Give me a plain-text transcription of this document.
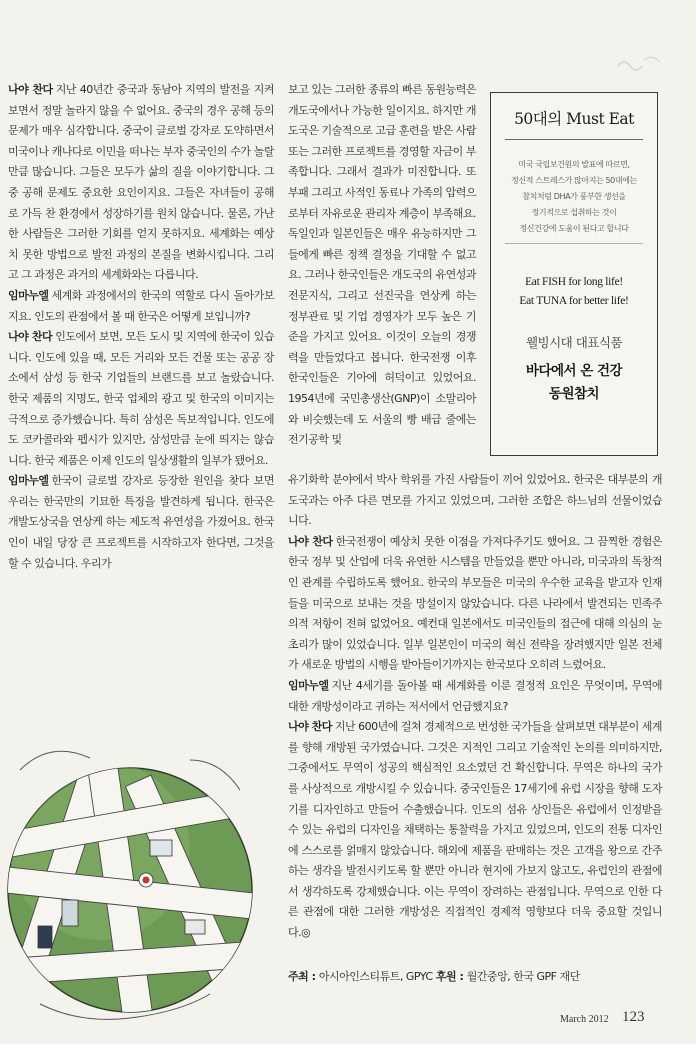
나야 찬다 지난 40년간 중국과 동남아 지역의 발전을 지켜보면서 정말 놀라지 않을 수 없어요. 중국의 경우 공해 등의 문제가 매우 심각합니다. 중국이 글로벌 강자로 도약하면서 미국이나 캐나다로 이민을 떠나는 부자 중국인의 수가 놀랄 만큼 많습니다. 그들은 모두가 삶의 질을 이야기합니다. 그중 공해 문제도 중요한 요인이지요. 그들은 자녀들이 공해로 가득 찬 환경에서 성장하기를 원치 않습니다. 물론, 가난한 사람들은 그러한 기회를 얻지 못하지요. 세계화는 예상치 못한 방법으로 발전 과정의 본질을 변화시킵니다. 그리고 그 과정은 과거의 세계화와는 다릅니다.
임마누엘 세계화 과정에서의 한국의 역할로 다시 돌아가보지요. 인도의 관점에서 볼 때 한국은 어떻게 보입니까?
나야 찬다 인도에서 보면, 모든 도시 및 지역에 한국이 있습니다. 인도에 있을 때, 모든 거리와 모든 건물 또는 공공 장소에서 삼성 등 한국 기업들의 브랜드를 보고 놀랐습니다. 한국 제품의 지명도, 한국 업체의 광고 및 한국의 이미지는 극적으로 증가했습니다. 특히 삼성은 독보적입니다. 인도에도 코카콜라와 펩시가 있지만, 삼성만큼 눈에 띄지는 않습니다. 한국 제품은 이제 인도의 일상생활의 일부가 됐어요.
임마누엘 한국이 글로벌 강자로 등장한 원인을 찾다 보면 우리는 한국만의 기묘한 특징을 발견하게 됩니다. 한국은 개발도상국을 연상케 하는 제도적 유연성을 가졌어요. 한국인이 내일 당장 큰 프로젝트를 시작하고자 한다면, 그것을 할 수 있습니다. 우리가
보고 있는 그러한 종류의 빠른 동원능력은 개도국에서나 가능한 일이지요. 하지만 개도국은 기술적으로 고급 훈련을 받은 사람 또는 그러한 프로젝트를 경영할 자금이 부족합니다. 그래서 결과가 미진합니다. 또 부패 그리고 사적인 동료나 가족의 압력으로부터 자유로운 관리자 계층이 부족해요. 독일인과 일본인들은 매우 유능하지만 그들에게 빠른 정책 결정을 기대할 수 없고요. 그러나 한국인들은 개도국의 유연성과 전문지식, 그리고 선진국을 연상케 하는 정부관료 및 기업 경영자가 모두 높은 기준을 가지고 있어요. 이것이 오늘의 경쟁력을 만들었다고 봅니다. 한국전쟁 이후 한국인들은 기아에 허덕이고 있었어요. 1954년에 국민총생산(GNP)이 소말리아와 비슷했는데 도 서울의 빵 배급 줄에는 전기공학 및
유기화학 분야에서 박사 학위를 가진 사람들이 끼어 있었어요. 한국은 대부분의 개도국과는 아주 다른 면모를 가지고 있었으며, 그러한 조합은 하느님의 선물이었습니다.
나야 찬다 한국전쟁이 예상치 못한 이점을 가져다주기도 했어요. 그 끔찍한 경험은 한국 정부 및 산업에 더욱 유연한 시스템을 만들었을 뿐만 아니라, 미국과의 독창적인 관계를 수립하도록 했어요. 한국의 부모들은 미국의 우수한 교육을 받고자 인재들을 미국으로 보내는 것을 망설이지 않았습니다. 다른 나라에서 발견되는 민족주의적 저항이 전혀 없었어요. 예컨대 일본에서도 미국인들의 접근에 대해 의심의 눈초리가 많이 있었습니다. 일부 일본인이 미국의 혁신 전략을 장려했지만 일본 전체가 새로운 방법의 시행을 받아들이기까지는 한국보다 오히려 느렸어요.
임마누엘 지난 4세기를 돌아볼 때 세계화를 이룬 결정적 요인은 무엇이며, 무역에 대한 개방성이라고 귀하는 저서에서 언급했지요?
나야 찬다 지난 600년에 걸쳐 경제적으로 번성한 국가들을 살펴보면 대부분이 세계를 향해 개방된 국가였습니다. 그것은 지적인 그리고 기술적인 논의를 의미하지만, 그중에서도 무역이 성공의 핵심적인 요소였던 건 확신합니다. 무역은 하나의 국가를 사상적으로 개방시킬 수 있습니다. 중국인들은 17세기에 유럽 시장을 향해 도자기를 디자인하고 만들어 수출했습니다. 인도의 섬유 상인들은 유럽에서 인정받을 수 있는 유럽의 디자인을 채택하는 통찰력을 가지고 있었으며, 인도의 전통 디자인에 스스로를 얽매지 않았습니다. 해외에 제품을 판매하는 것은 고객을 왕으로 간주하는 생각을 발전시키도록 할 뿐만 아니라 현지에 가보지 않고도, 유럽인의 관점에서 생각하도록 강제했습니다. 이는 무역이 장려하는 관점입니다. 무역으로 인한 다른 관점에 대한 그러한 개방성은 직접적인 경제적 영향보다 더욱 중요할 것입니다.◎
주최 : 아시아인스티튜트, GPYC 후원 : 월간중앙, 한국 GPF 재단
50대의 Must Eat
미국 국립보건원의 발표에 따르면,
정신적 스트레스가 많아지는 50대에는
참치처럼 DHA가 풍부한 생선을
정기적으로 섭취하는 것이
정신건강에 도움이 된다고 합니다
Eat FISH for long life!
Eat TUNA for better life!
웰빙시대 대표식품
바다에서 온 건강
동원참치
March 2012 123
